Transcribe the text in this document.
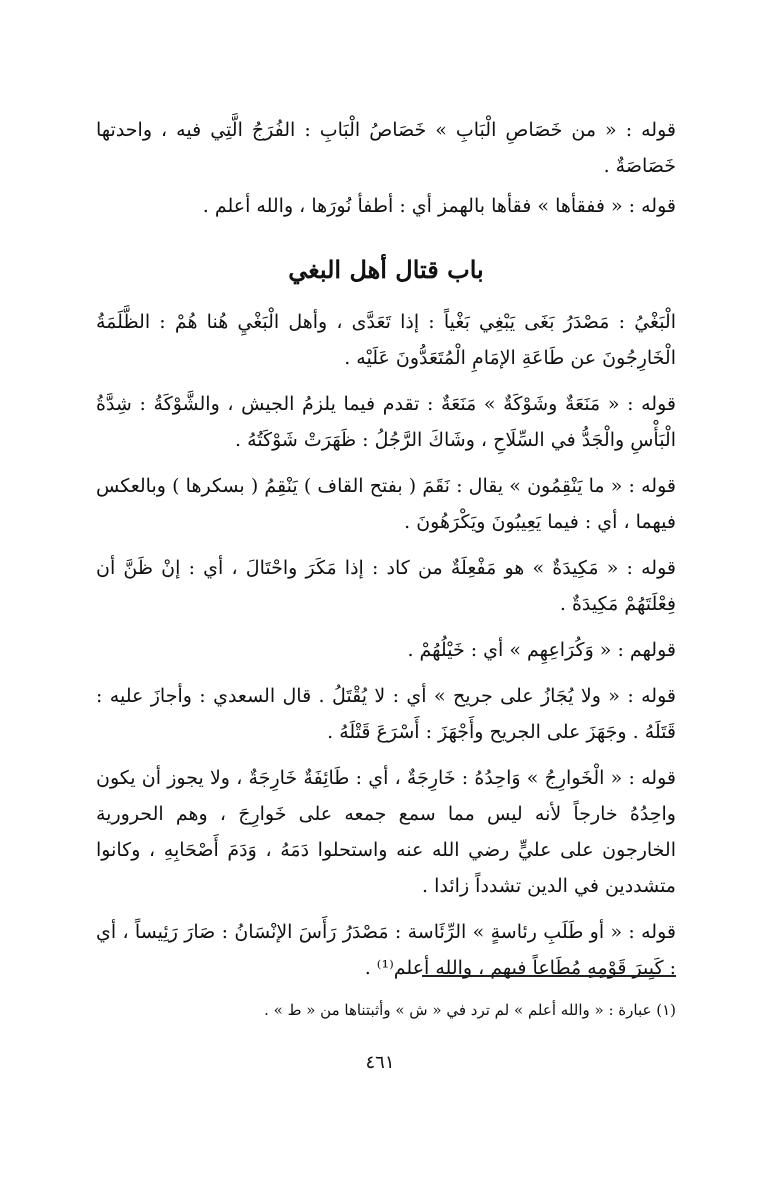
قوله : « من خَصَاصِ الْبَابِ » خَصَاصُ الْبَابِ : الفُرَجُ الَّتِي فيه ، واحدتها خَصَاصَةٌ .

قوله : « ففقأها » فقأها بالهمز أي : أطفأ نُورَها ، والله أعلم .

باب قتال أهل البغي

الْبَغْيُ : مَصْدَرُ بَغَى يَبْغِي بَغْياً : إذا تَعَدَّى ، وأهل الْبَغْيِ هُنا هُمْ : الظَّلَمَةُ الْخَارِجُونَ عن طَاعَةِ الإمَامِ الْمُتَعَدُّونَ عَلَيْه .

قوله : « مَنَعَةٌ وشَوْكَةٌ » مَنَعَةٌ : تقدم فيما يلزمُ الجيش ، والشَّوْكَةُ : شِدَّةُ الْبَأْسِ والْجَدُّ في السِّلَاحِ ، وشَاكَ الرَّجُلُ : ظَهَرَتْ شَوْكَتُهُ .

قوله : « ما يَنْقِمُون » يقال : نَقَمَ ( بفتح القاف ) يَنْقِمُ ( بسكرها ) وبالعكس فيهما ، أي : فيما يَعِيبُونَ ويَكْرَهُونَ .

قوله : « مَكِيدَةٌ » هو مَفْعِلَةٌ من كاد : إذا مَكَرَ واحْتَالَ ، أي : إنْ ظَنَّ أن فِعْلَتَهُمْ مَكِيدَةٌ .

قولهم : « وَكُرَاعِهِم » أي : خَيْلُهُمْ .

قوله : « ولا يُجَازُ على جريح » أي : لا يُقْتَلُ . قال السعدي : وأجازَ عليه : قَتَلَهُ . وجَهَزَ على الجريح وأَجْهَزَ : أَسْرَعَ قَتْلَهُ .

قوله : « الْخَوارِجُ » وَاحِدُهُ : خَارِجَةٌ ، أي : طَائِفَةٌ خَارِجَةٌ ، ولا يجوز أن يكون واحِدُهُ خارجاً لأنه ليس مما سمع جمعه على خَوارِجَ ، وهم الحرورية الخارجون على عليٍّ رضي الله عنه واستحلوا دَمَهُ ، وَدَمَ أَصْحَابِهِ ، وكانوا متشددين في الدين تشدداً زائدا .

قوله : « أو طَلَبِ رئاسةٍ » الرِّئَاسة : مَصْدَرُ رَأَسَ الإنْسَانُ : صَارَ رَئِيساً ، أي : كَبِيرَ قَوْمِهِ مُطَاعاً فيهم ، والله أعلم⁽¹⁾ .

(١) عبارة : « والله أعلم » لم ترد في « ش » وأثبتناها من « ط » .
٤٦١
